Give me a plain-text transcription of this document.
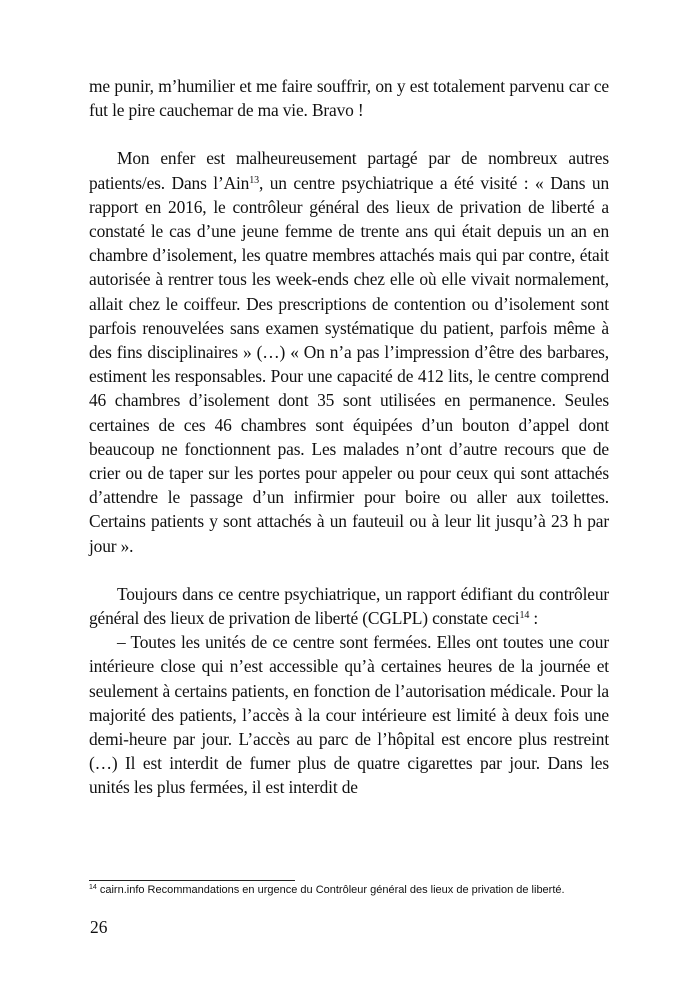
me punir, m’humilier et me faire souffrir, on y est totalement parvenu car ce fut le pire cauchemar de ma vie. Bravo !

Mon enfer est malheureusement partagé par de nombreux autres patients/es. Dans l’Ain$^{13}$, un centre psychiatrique a été visité : « Dans un rapport en 2016, le contrôleur général des lieux de privation de liberté a constaté le cas d’une jeune femme de trente ans qui était depuis un an en chambre d’isolement, les quatre membres attachés mais qui par contre, était autorisée à rentrer tous les week-ends chez elle où elle vivait normalement, allait chez le coiffeur. Des prescriptions de contention ou d’isolement sont parfois renouvelées sans examen systématique du patient, parfois même à des fins disciplinaires » (…) « On n’a pas l’impression d’être des barbares, estiment les responsables. Pour une capacité de 412 lits, le centre comprend 46 chambres d’isolement dont 35 sont utilisées en permanence. Seules certaines de ces 46 chambres sont équipées d’un bouton d’appel dont beaucoup ne fonctionnent pas. Les malades n’ont d’autre recours que de crier ou de taper sur les portes pour appeler ou pour ceux qui sont attachés d’attendre le passage d’un infirmier pour boire ou aller aux toilettes. Certains patients y sont attachés à un fauteuil ou à leur lit jusqu’à 23 h par jour ».

Toujours dans ce centre psychiatrique, un rapport édifiant du contrôleur général des lieux de privation de liberté (CGLPL) constate ceci$^{14}$ :

– Toutes les unités de ce centre sont fermées. Elles ont toutes une cour intérieure close qui n’est accessible qu’à certaines heures de la journée et seulement à certains patients, en fonction de l’autorisation médicale. Pour la majorité des patients, l’accès à la cour intérieure est limité à deux fois une demi-heure par jour. L’accès au parc de l’hôpital est encore plus restreint (…) Il est interdit de fumer plus de quatre cigarettes par jour. Dans les unités les plus fermées, il est interdit de

$^{14}$ cairn.info Recommandations en urgence du Contrôleur général des lieux de privation de liberté.

26
